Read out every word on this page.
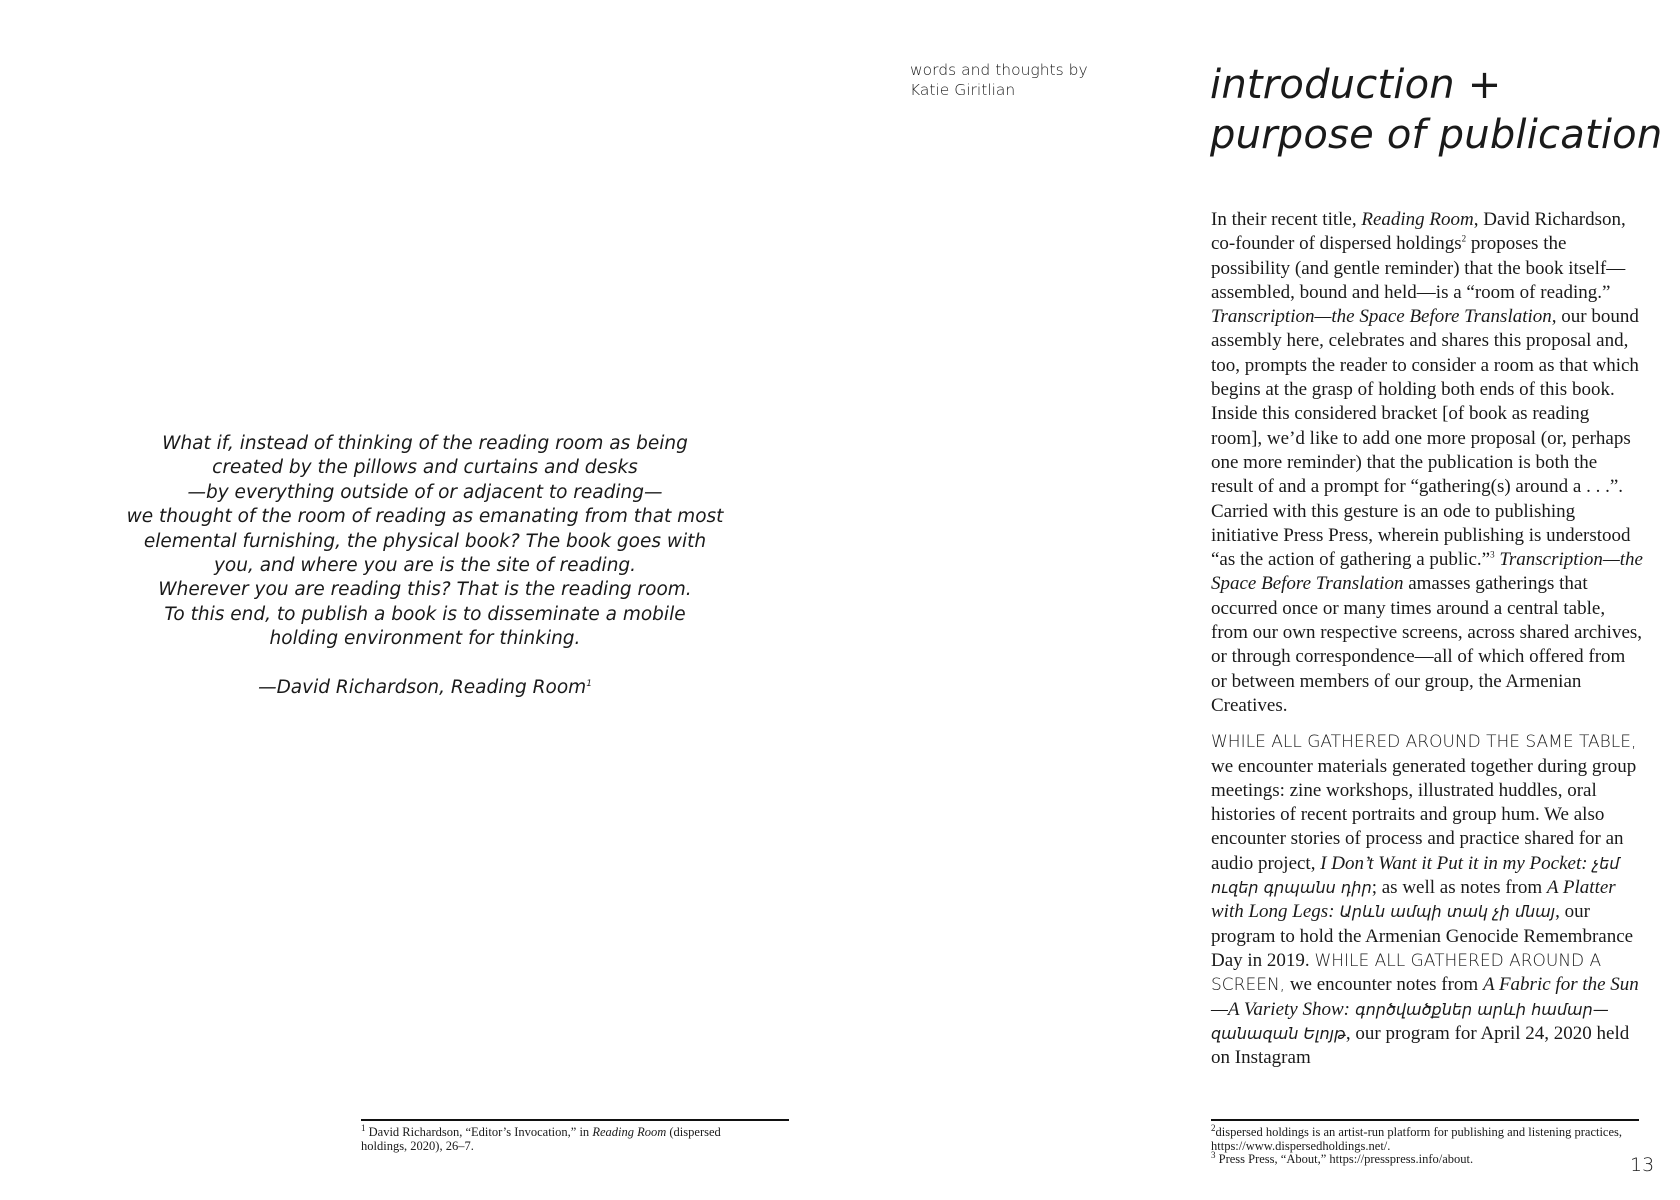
words and thoughts by
Katie Giritlian	introduction +
purpose of publication

What if, instead of thinking of the reading room as being

created by the pillows and curtains and desks

—by everything outside of or adjacent to reading—

we thought of the room of reading as emanating from that most

elemental furnishing, the physical book? The book goes with

you, and where you are is the site of reading.

Wherever you are reading this? That is the reading room.

To this end, to publish a book is to disseminate a mobile

holding environment for thinking.

—David Richardson, Reading Room$^1$

In their recent title, Reading Room, David Richardson, co-founder of dispersed holdings$^2$ proposes the possibility (and gentle reminder) that the book itself—assembled, bound and held—is a “room of reading.” Transcription—the Space Before Translation, our bound assembly here, celebrates and shares this proposal and, too, prompts the reader to consider a room as that which begins at the grasp of holding both ends of this book. Inside this considered bracket [of book as reading room], we’d like to add one more proposal (or, perhaps one more reminder) that the publication is both the result of and a prompt for “gathering(s) around a . . .”. Carried with this gesture is an ode to publishing initiative Press Press, wherein publishing is understood “as the action of gathering a public.”$^3$ Transcription—the Space Before Translation amasses gatherings that occurred once or many times around a central table, from our own respective screens, across shared archives, or through correspondence—all of which offered from or between members of our group, the Armenian Creatives.

WHILE ALL GATHERED AROUND THE SAME TABLE, we encounter materials generated together during group meetings: zine workshops, illustrated huddles, oral histories of recent portraits and group hum. We also encounter stories of process and practice shared for an audio project, I Don’t Want it Put it in my Pocket: չեմ ուզեր գրպանս դիր; as well as notes from A Platter with Long Legs: Արևն ամպի տակ չի մնայ, our program to hold the Armenian Genocide Remembrance Day in 2019. WHILE ALL GATHERED AROUND A SCREEN, we encounter notes from A Fabric for the Sun—A Variety Show: գործվածքներ արևի համար—զանազան Ելոյթ, our program for April 24, 2020 held on Instagram

$^1$ David Richardson, “Editor’s Invocation,” in Reading Room (dispersed holdings, 2020), 26–7.
$^2$dispersed holdings is an artist-run platform for publishing and listening practices, https://www.dispersedholdings.net/.
$^3$ Press Press, “About,” https://presspress.info/about.	13
